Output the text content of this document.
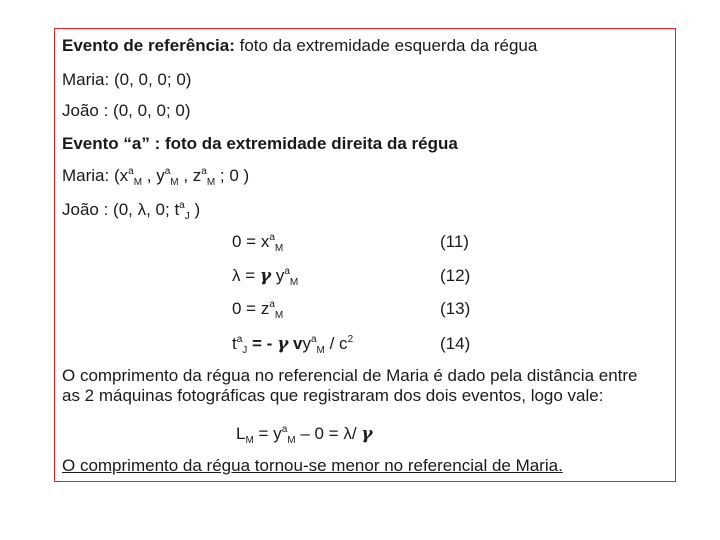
Evento de referência: foto da extremidade esquerda da régua
Maria: (0, 0, 0; 0)
João : (0, 0, 0; 0)
Evento “a” : foto da extremidade direita da régua
Maria: ($x^a_M$ , $y^a_M$ , $z^a_M$ ; 0 )
João : (0, λ, 0; $t^a_J$ )
$0 = x^a_M$	(11)
λ = γ $y^a_M$	(12)
$0 = z^a_M$	(13)
$t^a_J$ = - γ $vy^a_M / c^2$	(14)
O comprimento da régua no referencial de Maria é dado pela distância entre
as 2 máquinas fotográficas que registraram dos dois eventos, logo vale:
$L_M = y^a_M - 0 = \lambda/$ γ
O comprimento da régua tornou-se menor no referencial de Maria.
